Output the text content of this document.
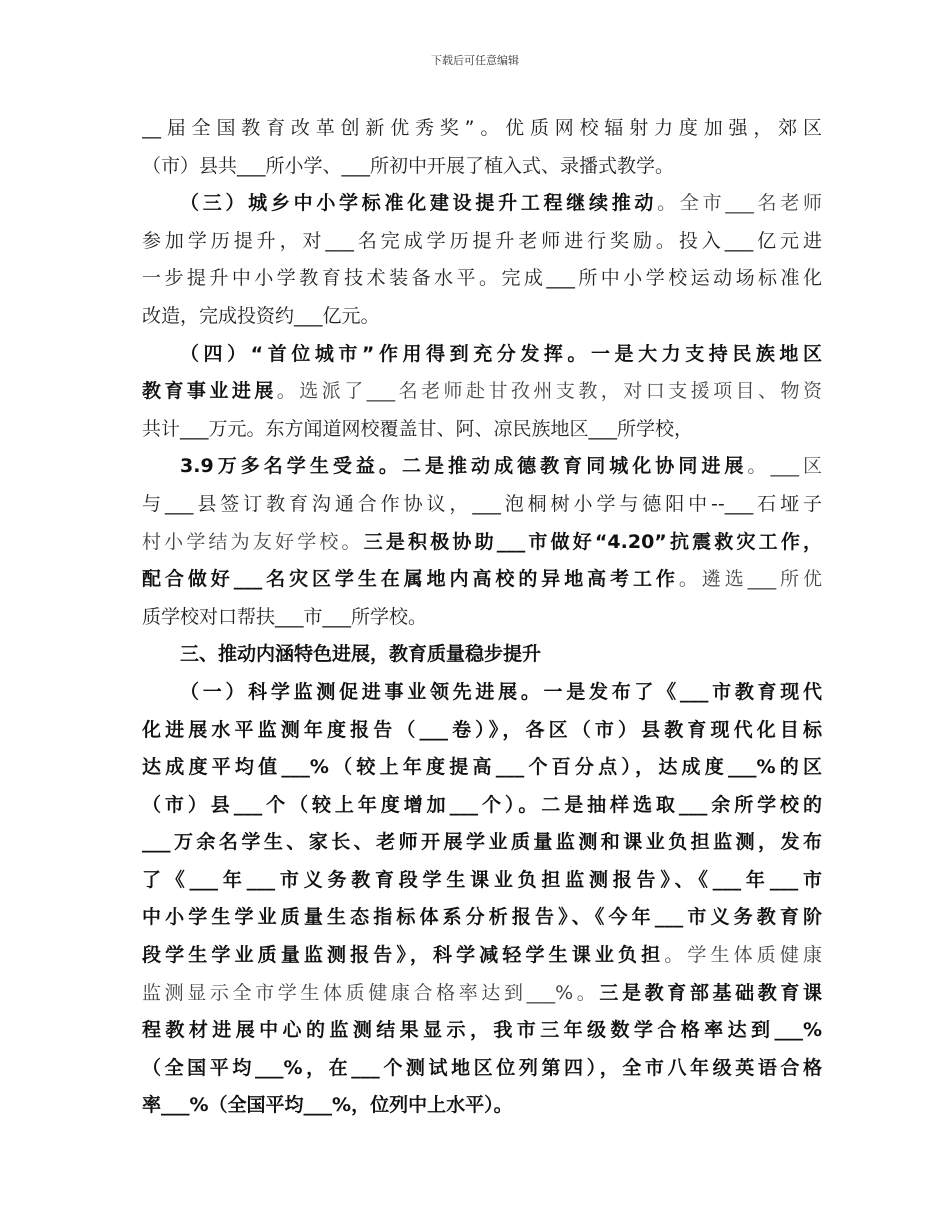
下载后可任意编辑
__届全国教育改革创新优秀奖”。优质网校辐射力度加强，郊区
（市）县共___所小学、___所初中开展了植入式、录播式教学。
（三）城乡中小学标准化建设提升工程继续推动。全市___名老师
参加学历提升，对___名完成学历提升老师进行奖励。投入___亿元进
一步提升中小学教育技术装备水平。完成___所中小学校运动场标准化
改造，完成投资约___亿元。
（四）“首位城市”作用得到充分发挥。一是大力支持民族地区
教育事业进展。选派了___名老师赴甘孜州支教，对口支援项目、物资
共计___万元。东方闻道网校覆盖甘、阿、凉民族地区___所学校，
3.9万多名学生受益。二是推动成德教育同城化协同进展。___区
与___县签订教育沟通合作协议，___泡桐树小学与德阳中--___石垭子
村小学结为友好学校。三是积极协助___市做好“4.20”抗震救灾工作，
配合做好___名灾区学生在属地内高校的异地高考工作。遴选___所优
质学校对口帮扶___市___所学校。
三、推动内涵特色进展，教育质量稳步提升
（一）科学监测促进事业领先进展。一是发布了《___市教育现代
化进展水平监测年度报告（___卷）》，各区（市）县教育现代化目标
达成度平均值___%（较上年度提高___个百分点），达成度___%的区
（市）县___个（较上年度增加___个）。二是抽样选取___余所学校的
___万余名学生、家长、老师开展学业质量监测和课业负担监测，发布
了《___年___市义务教育段学生课业负担监测报告》、《___年___市
中小学生学业质量生态指标体系分析报告》、《今年___市义务教育阶
段学生学业质量监测报告》，科学减轻学生课业负担。学生体质健康
监测显示全市学生体质健康合格率达到___%。三是教育部基础教育课
程教材进展中心的监测结果显示，我市三年级数学合格率达到___%
（全国平均___%，在___个测试地区位列第四），全市八年级英语合格
率___%（全国平均___%，位列中上水平）。
